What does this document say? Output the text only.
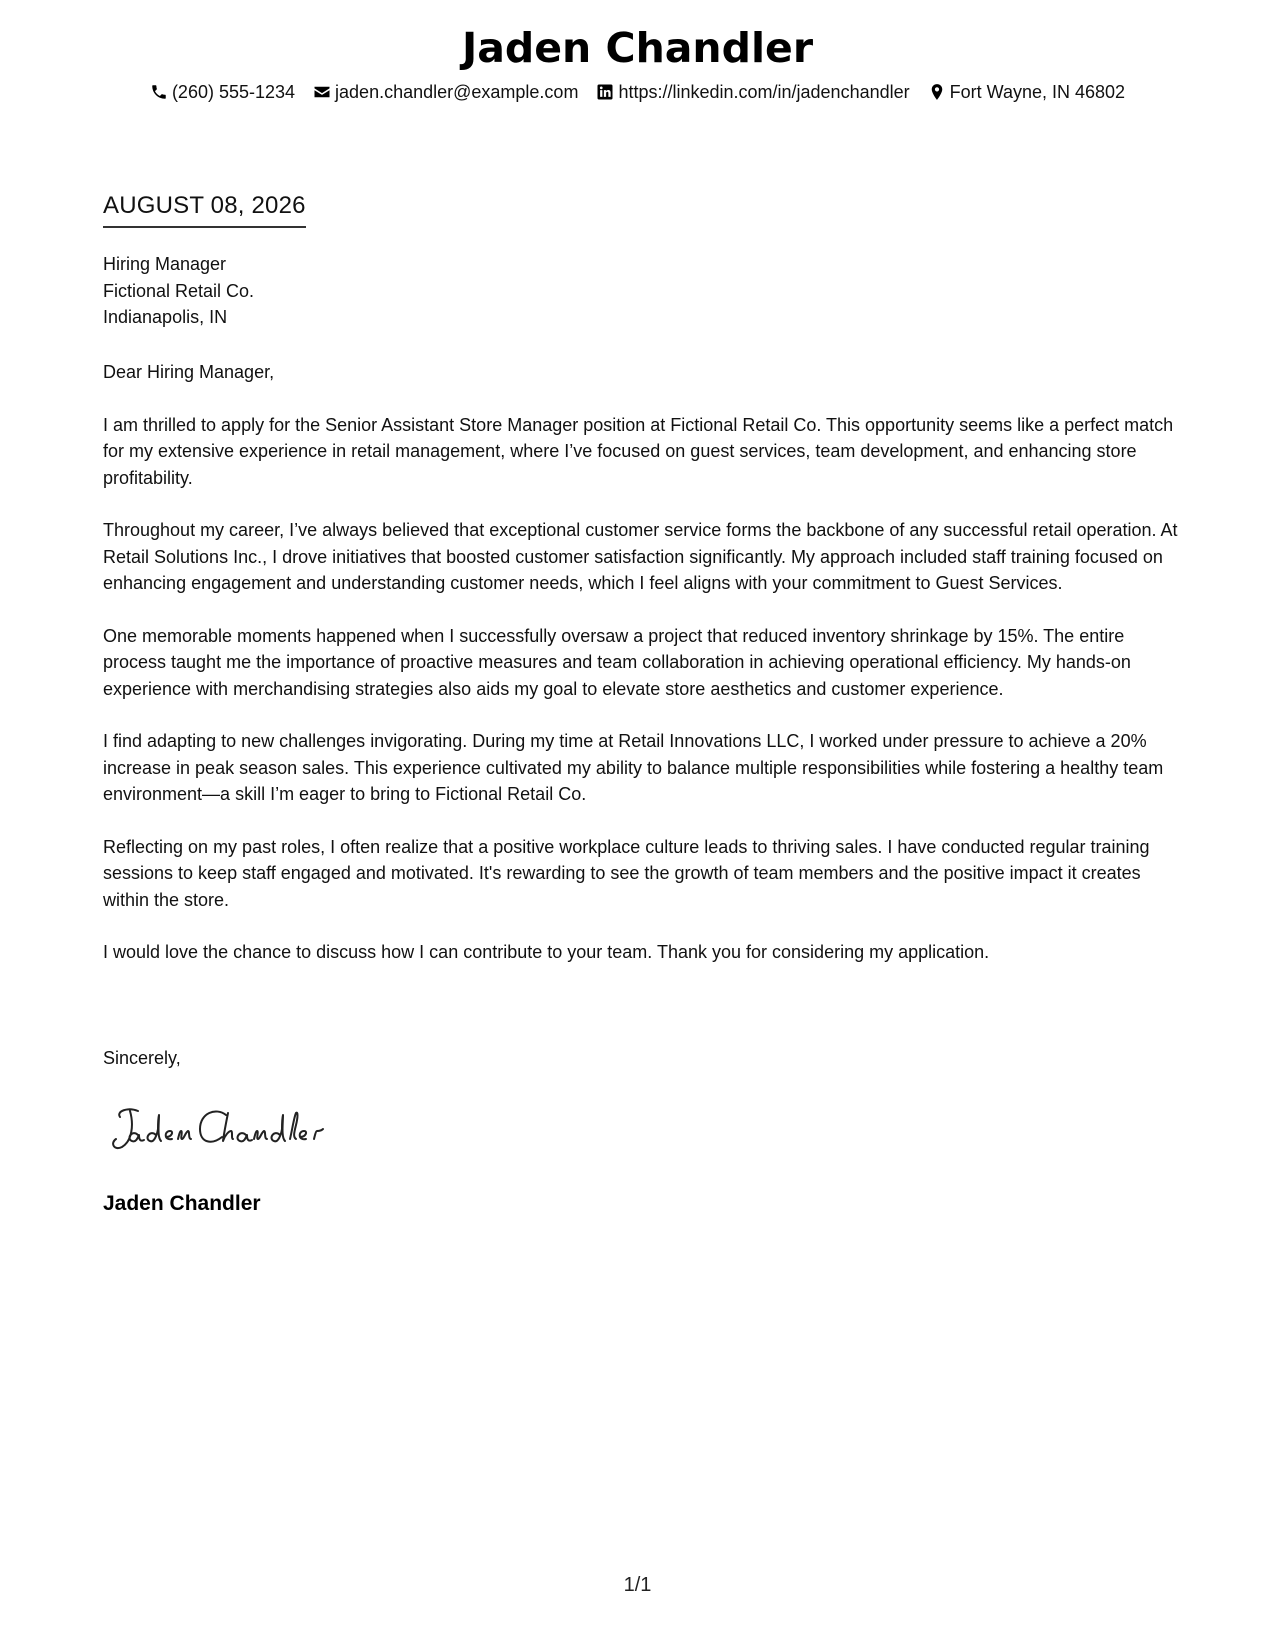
Jaden Chandler
(260) 555-1234 jaden.chandler@example.com https://linkedin.com/in/jadenchandler Fort Wayne, IN 46802
AUGUST 08, 2026
Hiring Manager
Fictional Retail Co.
Indianapolis, IN

Dear Hiring Manager,

I am thrilled to apply for the Senior Assistant Store Manager position at Fictional Retail Co. This opportunity seems like a perfect match for my extensive experience in retail management, where I’ve focused on guest services, team development, and enhancing store profitability.

Throughout my career, I’ve always believed that exceptional customer service forms the backbone of any successful retail operation. At Retail Solutions Inc., I drove initiatives that boosted customer satisfaction significantly. My approach included staff training focused on enhancing engagement and understanding customer needs, which I feel aligns with your commitment to Guest Services.

One memorable moments happened when I successfully oversaw a project that reduced inventory shrinkage by 15%. The entire process taught me the importance of proactive measures and team collaboration in achieving operational efficiency. My hands-on experience with merchandising strategies also aids my goal to elevate store aesthetics and customer experience.

I find adapting to new challenges invigorating. During my time at Retail Innovations LLC, I worked under pressure to achieve a 20% increase in peak season sales. This experience cultivated my ability to balance multiple responsibilities while fostering a healthy team environment—a skill I’m eager to bring to Fictional Retail Co.

Reflecting on my past roles, I often realize that a positive workplace culture leads to thriving sales. I have conducted regular training sessions to keep staff engaged and motivated. It's rewarding to see the growth of team members and the positive impact it creates within the store.

I would love the chance to discuss how I can contribute to your team. Thank you for considering my application.

Sincerely,
Jaden Chandler
1/1
